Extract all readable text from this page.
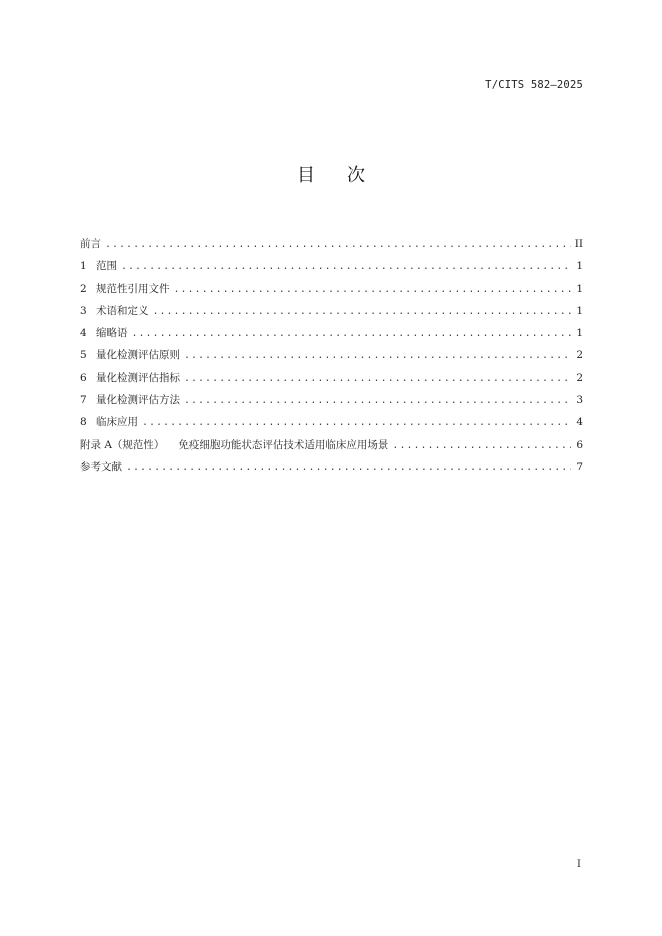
T/CITS 582—2025
目次
前言 .....	II
1 范围 .....	1
2 规范性引用文件 .....	1
3 术语和定义 .....	1
4 缩略语 .....	1
5 量化检测评估原则 .....	2
6 量化检测评估指标 .....	2
7 量化检测评估方法 .....	3
8 临床应用 .....	4
附录 A（规范性） 免疫细胞功能状态评估技术适用临床应用场景 .....	6
参考文献 .....	7
I
